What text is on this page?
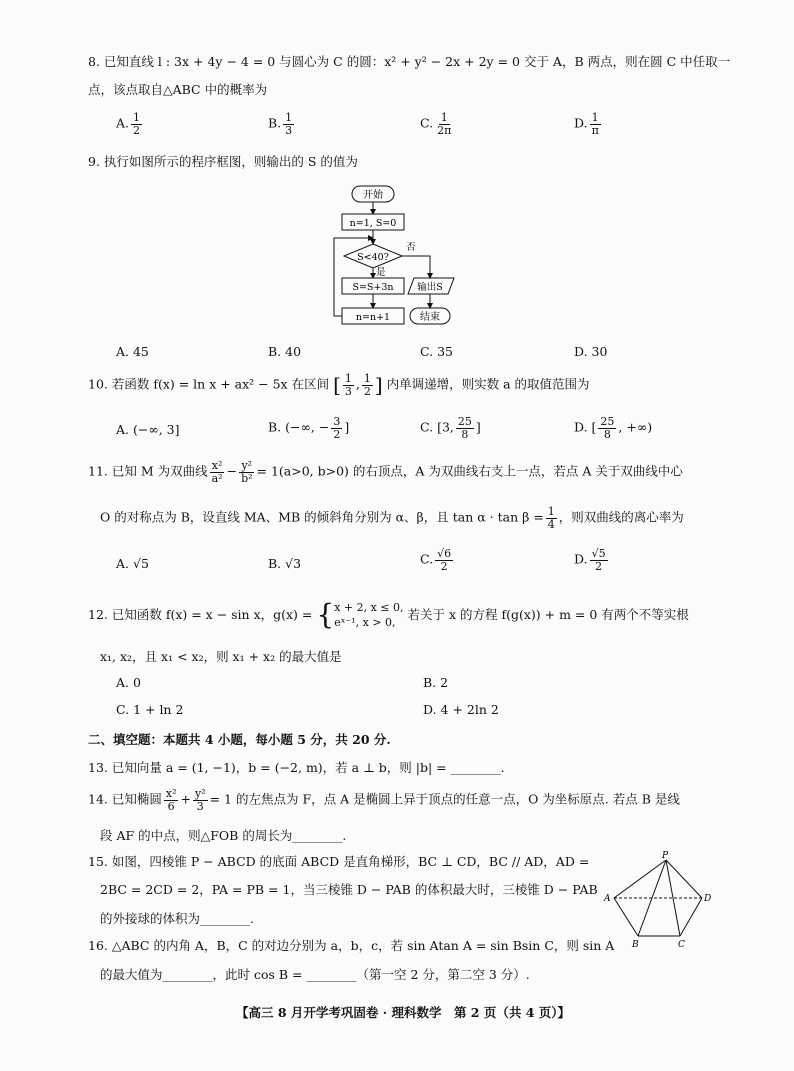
8. 已知直线 l : 3x + 4y − 4 = 0 与圆心为 C 的圆：x² + y² − 2x + 2y = 0 交于 A，B 两点，则在圆 C 中任取一
点，该点取自△ABC 中的概率为
A. $\frac{1}{2}$	B. $\frac{1}{3}$	C. $\frac{1}{2\pi}$	D. $\frac{1}{\pi}$
9. 执行如图所示的程序框图，则输出的 S 的值为
开始
n=1, S=0
S<40?
否
输出S
结束
是
S=S+3n
n=n+1
A. 45	B. 40	C. 35	D. 30
10. 若函数 f(x) = ln x + ax² − 5x 在区间 [ $\frac{1}{3}$ , $\frac{1}{2}$ ] 内单调递增，则实数 a 的取值范围为
A. (−∞, 3]	B. (−∞, − $\frac{3}{2}$ ]	C. [3, $\frac{25}{8}$ ]	D. [ $\frac{25}{8}$ , +∞)
11. 已知 M 为双曲线 $\frac{\text{x²}}{\text{a²}} - \frac{\text{y²}}{\text{b²}} = 1(a>0$, b>0) 的右顶点，A 为双曲线右支上一点，若点 A 关于双曲线中心
O 的对称点为 B，设直线 MA、MB 的倾斜角分别为 α、β，且 $\tan \alpha \cdot \tan \beta = \frac{1}{4}$ ，则双曲线的离心率为
A. √5	B. √3	C. $\frac{√6}{2}$	D. $\frac{√5}{2}$
12. 已知函数 f(x) = x − sin x，g(x) = { x + 2, x ≤ 0,
eˣ⁻¹, x > 0,
若关于 x 的方程 f(g(x)) + m = 0 有两个不等实根
x₁, x₂，且 x₁ < x₂，则 x₁ + x₂ 的最大值是
A. 0	B. 2
C. 1 + ln 2	D. 4 + 2ln 2
二、填空题：本题共 4 小题，每小题 5 分，共 20 分.
13. 已知向量 a = (1, −1)，b = (−2, m)，若 a ⊥ b，则 |b| = ________.
14. 已知椭圆 $\frac{\text{x²}}{6} + \frac{\text{y²}}{3} = 1$ 的左焦点为 F，点 A 是椭圆上异于顶点的任意一点，O 为坐标原点. 若点 B 是线
段 AF 的中点，则△FOB 的周长为________.
15. 如图，四棱锥 P − ABCD 的底面 ABCD 是直角梯形，BC ⊥ CD，BC // AD，AD =
2BC = 2CD = 2，PA = PB = 1，当三棱锥 D − PAB 的体积最大时，三棱锥 D − PAB
的外接球的体积为________.
P
A	D
B	C
16. △ABC 的内角 A，B，C 的对边分别为 a，b，c，若 sin Atan A = sin Bsin C，则 sin A
的最大值为________，此时 cos B = ________（第一空 2 分，第二空 3 分）.
【高三 8 月开学考巩固卷 · 理科数学　第 2 页（共 4 页）】
